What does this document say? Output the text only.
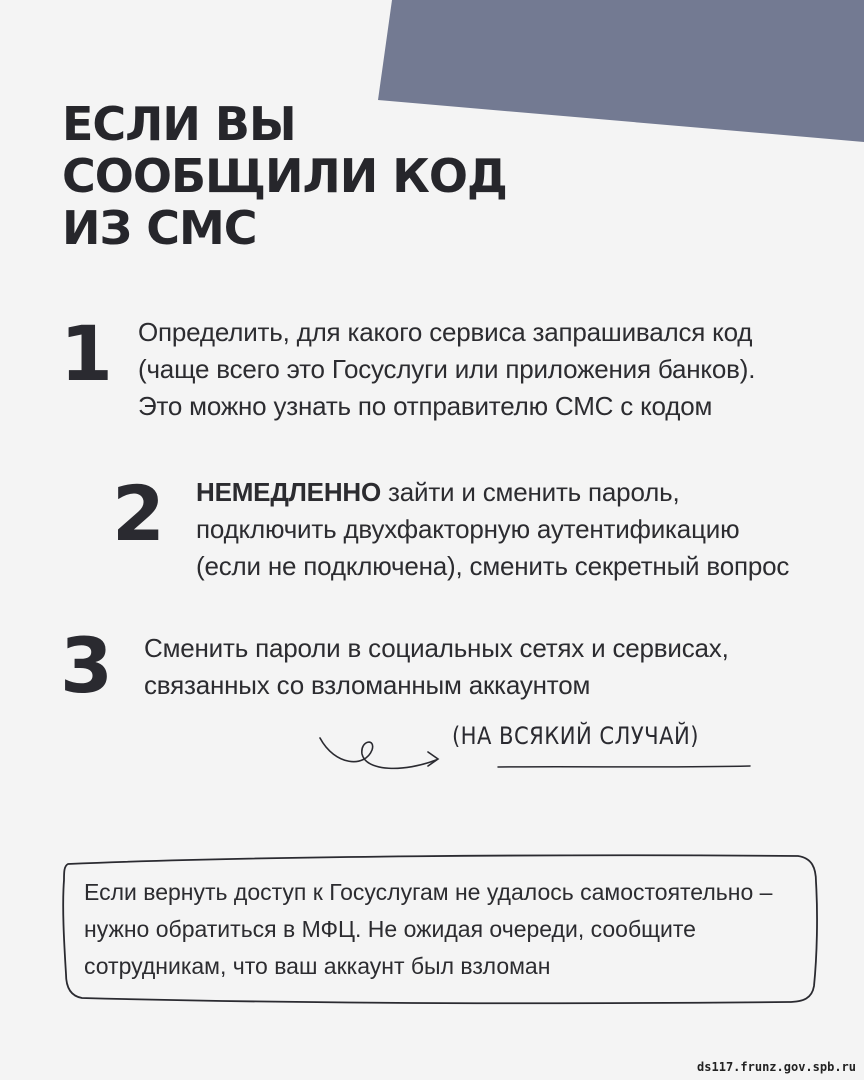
ЕСЛИ ВЫ
СООБЩИЛИ КОД
ИЗ СМС
1 Определить, для какого сервиса запрашивался код
(чаще всего это Госуслуги или приложения банков).
Это можно узнать по отправителю СМС с кодом
2 НЕМЕДЛЕННО зайти и сменить пароль,
подключить двухфакторную аутентификацию
(если не подключена), сменить секретный вопрос
3 Сменить пароли в социальных сетях и сервисах,
связанных со взломанным аккаунтом
(НА ВСЯКИЙ СЛУЧАЙ)
Если вернуть доступ к Госуслугам не удалось самостоятельно –
нужно обратиться в МФЦ. Не ожидая очереди, сообщите
сотрудникам, что ваш аккаунт был взломан
ds117.frunz.gov.spb.ru
